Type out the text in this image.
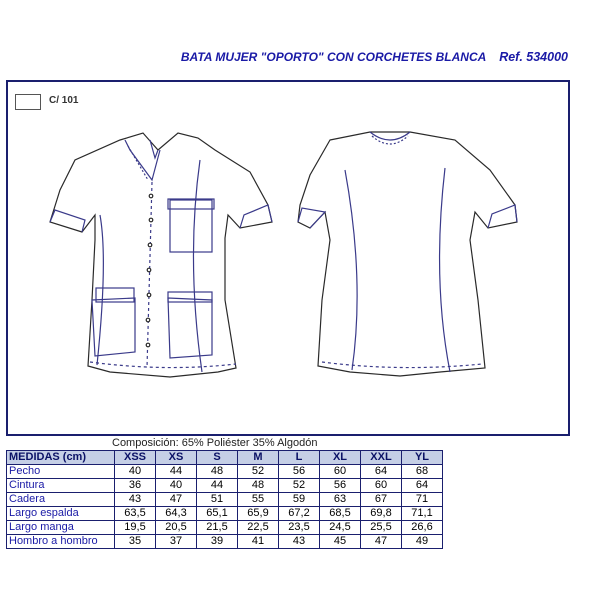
BATA MUJER "OPORTO" CON CORCHETES BLANCA Ref. 534000
C/ 101
Composición: 65% Poliéster 35% Algodón
MEDIDAS (cm)	XSS	XS	S	M	L	XL	XXL	YL
Pecho	40	44	48	52	56	60	64	68
Cintura	36	40	44	48	52	56	60	64
Cadera	43	47	51	55	59	63	67	71
Largo espalda	63,5	64,3	65,1	65,9	67,2	68,5	69,8	71,1
Largo manga	19,5	20,5	21,5	22,5	23,5	24,5	25,5	26,6
Hombro a hombro	35	37	39	41	43	45	47	49
